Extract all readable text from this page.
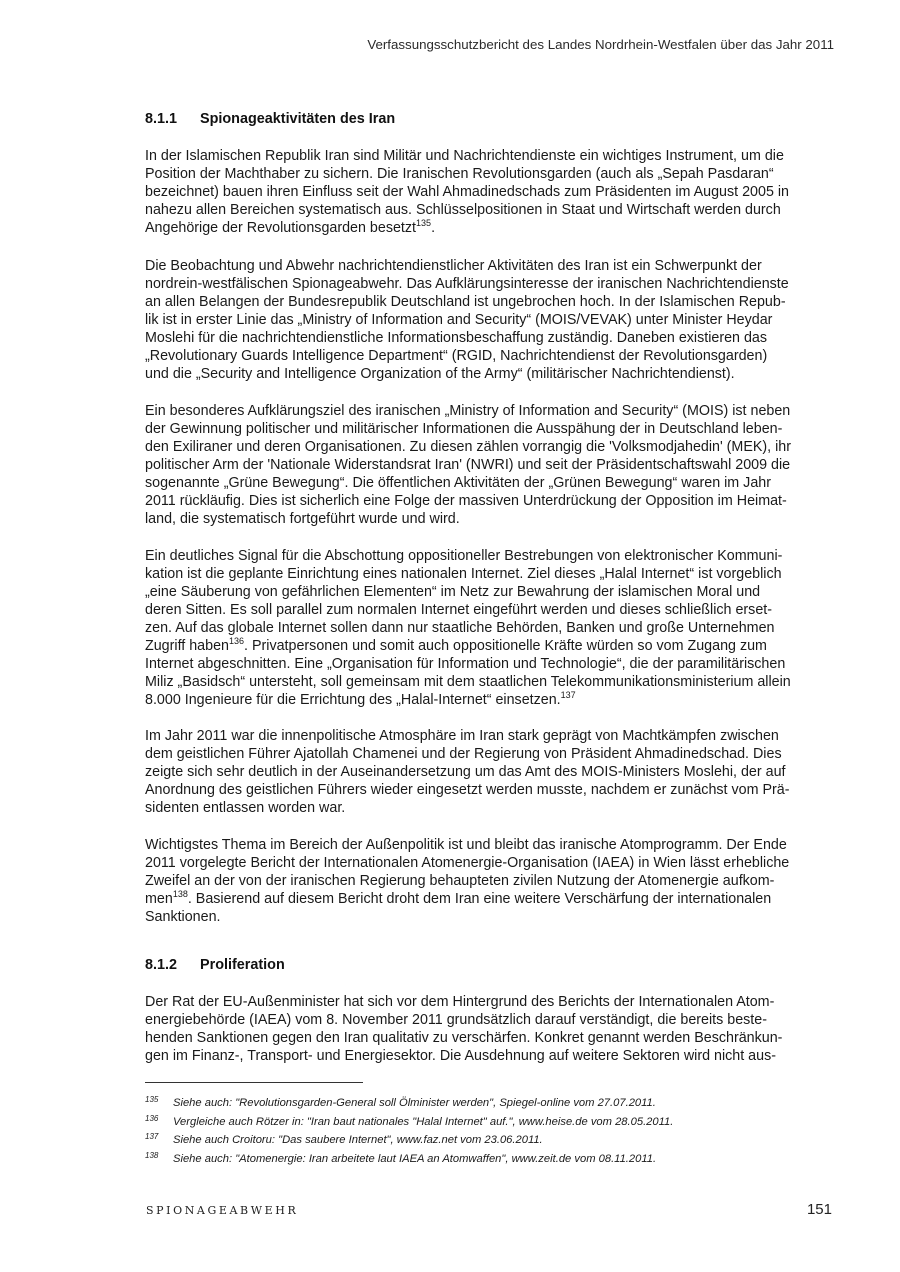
Verfassungsschutzbericht des Landes Nordrhein-Westfalen über das Jahr 2011
8.1.1 Spionageaktivitäten des Iran

In der Islamischen Republik Iran sind Militär und Nachrichtendienste ein wichtiges Instrument, um die
Position der Machthaber zu sichern. Die Iranischen Revolutionsgarden (auch als „Sepah Pasdaran“
bezeichnet) bauen ihren Einfluss seit der Wahl Ahmadinedschads zum Präsidenten im August 2005 in
nahezu allen Bereichen systematisch aus. Schlüsselpositionen in Staat und Wirtschaft werden durch
Angehörige der Revolutionsgarden besetzt$^{135}$.

Die Beobachtung und Abwehr nachrichtendienstlicher Aktivitäten des Iran ist ein Schwerpunkt der
nordrein-westfälischen Spionageabwehr. Das Aufklärungsinteresse der iranischen Nachrichtendienste
an allen Belangen der Bundesrepublik Deutschland ist ungebrochen hoch. In der Islamischen Repub-
lik ist in erster Linie das „Ministry of Information and Security“ (MOIS/VEVAK) unter Minister Heydar
Moslehi für die nachrichtendienstliche Informationsbeschaffung zuständig. Daneben existieren das
„Revolutionary Guards Intelligence Department“ (RGID, Nachrichtendienst der Revolutionsgarden)
und die „Security and Intelligence Organization of the Army“ (militärischer Nachrichtendienst).

Ein besonderes Aufklärungsziel des iranischen „Ministry of Information and Security“ (MOIS) ist neben
der Gewinnung politischer und militärischer Informationen die Ausspähung der in Deutschland leben-
den Exiliraner und deren Organisationen. Zu diesen zählen vorrangig die 'Volksmodjahedin' (MEK), ihr
politischer Arm der 'Nationale Widerstandsrat Iran' (NWRI) und seit der Präsidentschaftswahl 2009 die
sogenannte „Grüne Bewegung“. Die öffentlichen Aktivitäten der „Grünen Bewegung“ waren im Jahr
2011 rückläufig. Dies ist sicherlich eine Folge der massiven Unterdrückung der Opposition im Heimat-
land, die systematisch fortgeführt wurde und wird.

Ein deutliches Signal für die Abschottung oppositioneller Bestrebungen von elektronischer Kommuni-
kation ist die geplante Einrichtung eines nationalen Internet. Ziel dieses „Halal Internet“ ist vorgeblich
„eine Säuberung von gefährlichen Elementen“ im Netz zur Bewahrung der islamischen Moral und
deren Sitten. Es soll parallel zum normalen Internet eingeführt werden und dieses schließlich erset-
zen. Auf das globale Internet sollen dann nur staatliche Behörden, Banken und große Unternehmen
Zugriff haben$^{136}$. Privatpersonen und somit auch oppositionelle Kräfte würden so vom Zugang zum
Internet abgeschnitten. Eine „Organisation für Information und Technologie“, die der paramilitärischen
Miliz „Basidsch“ untersteht, soll gemeinsam mit dem staatlichen Telekommunikationsministerium allein
8.000 Ingenieure für die Errichtung des „Halal-Internet“ einsetzen.$^{137}$

Im Jahr 2011 war die innenpolitische Atmosphäre im Iran stark geprägt von Machtkämpfen zwischen
dem geistlichen Führer Ajatollah Chamenei und der Regierung von Präsident Ahmadinedschad. Dies
zeigte sich sehr deutlich in der Auseinandersetzung um das Amt des MOIS-Ministers Moslehi, der auf
Anordnung des geistlichen Führers wieder eingesetzt werden musste, nachdem er zunächst vom Prä-
sidenten entlassen worden war.

Wichtigstes Thema im Bereich der Außenpolitik ist und bleibt das iranische Atomprogramm. Der Ende
2011 vorgelegte Bericht der Internationalen Atomenergie-Organisation (IAEA) in Wien lässt erhebliche
Zweifel an der von der iranischen Regierung behaupteten zivilen Nutzung der Atomenergie aufkom-
men$^{138}$. Basierend auf diesem Bericht droht dem Iran eine weitere Verschärfung der internationalen
Sanktionen.

8.1.2 Proliferation

Der Rat der EU-Außenminister hat sich vor dem Hintergrund des Berichts der Internationalen Atom-
energiebehörde (IAEA) vom 8. November 2011 grundsätzlich darauf verständigt, die bereits beste-
henden Sanktionen gegen den Iran qualitativ zu verschärfen. Konkret genannt werden Beschränkun-
gen im Finanz-, Transport- und Energiesektor. Die Ausdehnung auf weitere Sektoren wird nicht aus-

135 Siehe auch: "Revolutionsgarden-General soll Ölminister werden", Spiegel-online vom 27.07.2011.
136 Vergleiche auch Rötzer in: "Iran baut nationales "Halal Internet" auf.", www.heise.de vom 28.05.2011.
137 Siehe auch Croitoru: "Das saubere Internet", www.faz.net vom 23.06.2011.
138 Siehe auch: "Atomenergie: Iran arbeitete laut IAEA an Atomwaffen", www.zeit.de vom 08.11.2011.
SPIONAGEABWEHR	151
